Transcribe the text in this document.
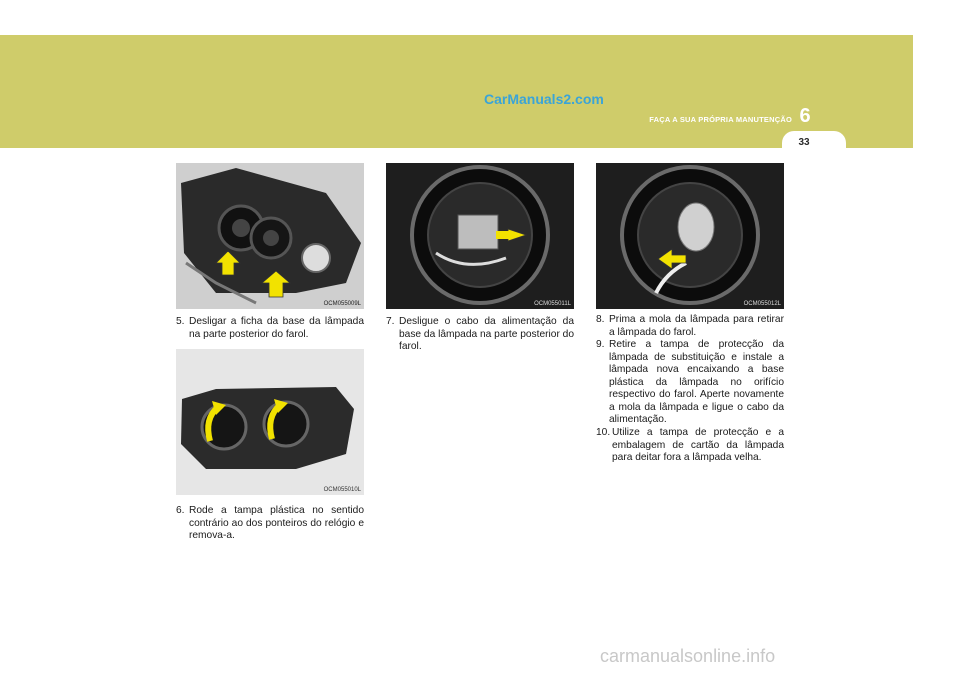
CarManuals2.com
FAÇA A SUA PRÓPRIA MANUTENÇÃO 6
33
OCM055009L
OCM055010L
OCM055011L	OCM055012L
5. Desligar a ficha da base da lâmpada na parte posterior do farol.
6. Rode a tampa plástica no sentido contrário ao dos ponteiros do relógio e remova-a.
7. Desligue o cabo da alimentação da base da lâmpada na parte posterior do farol.
8. Prima a mola da lâmpada para retirar a lâmpada do farol.
9. Retire a tampa de protecção da lâmpada de substituição e instale a lâmpada nova encaixando a base plástica da lâmpada no orifício respectivo do farol. Aperte novamente a mola da lâmpada e ligue o cabo da alimentação.
10. Utilize a tampa de protecção e a embalagem de cartão da lâmpada para deitar fora a lâmpada velha.
carmanualsonline.info
